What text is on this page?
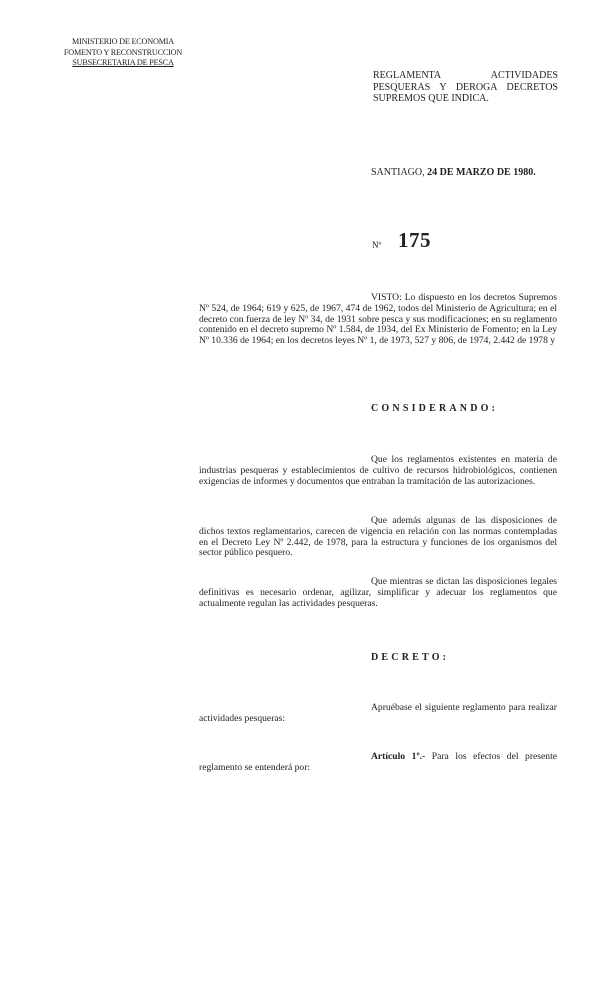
MINISTERIO DE ECONOMIA
FOMENTO Y RECONSTRUCCION
SUBSECRETARIA DE PESCA
REGLAMENTA ACTIVIDADES PESQUERAS Y DEROGA DECRETOS SUPREMOS QUE INDICA.
SANTIAGO, 24 DE MARZO DE 1980.
Nº 175
VISTO: Lo dispuesto en los decretos Supremos Nº 524, de 1964; 619 y 625, de 1967, 474 de 1962, todos del Ministerio de Agricultura; en el decreto con fuerza de ley Nº 34, de 1931 sobre pesca y sus modificaciones; en su reglamento contenido en el decreto supremo Nº 1.584, de 1934, del Ex Ministerio de Fomento; en la Ley Nº 10.336 de 1964; en los decretos leyes Nº 1, de 1973, 527 y 806, de 1974, 2.442 de 1978 y
CONSIDERANDO:
Que los reglamentos existentes en materia de industrias pesqueras y establecimientos de cultivo de recursos hidrobiológicos, contienen exigencias de informes y documentos que entraban la tramitación de las autorizaciones.
Que además algunas de las disposiciones de dichos textos reglamentarios, carecen de vigencia en relación con las normas contempladas en el Decreto Ley Nº 2.442, de 1978, para la estructura y funciones de los organismos del sector público pesquero.
Que mientras se dictan las disposiciones legales definitivas es necesario ordenar, agilizar, simplificar y adecuar los reglamentos que actualmente regulan las actividades pesqueras.
DECRETO:
Apruébase el siguiente reglamento para realizar actividades pesqueras:
Artículo 1º.- Para los efectos del presente reglamento se entenderá por:
